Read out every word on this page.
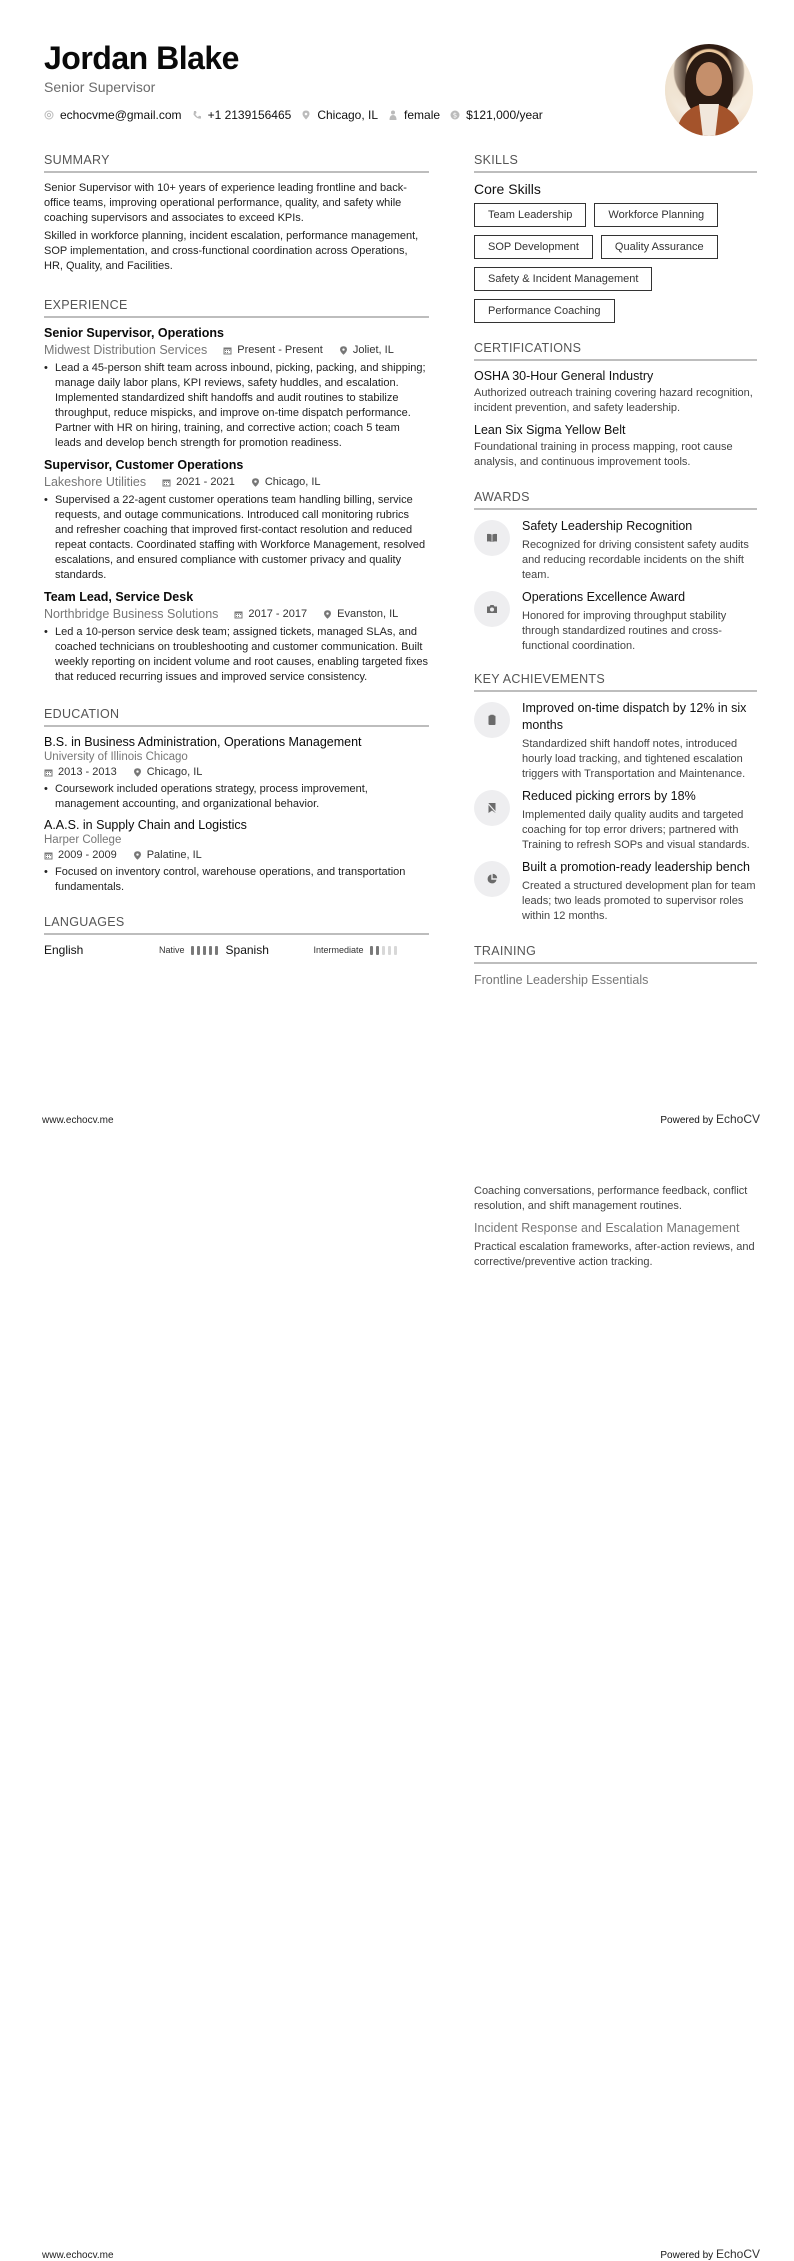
Jordan Blake
Senior Supervisor
echocvme@gmail.com +1 2139156465 Chicago, IL female $ $121,000/year
SUMMARY

Senior Supervisor with 10+ years of experience leading frontline and back-office teams, improving operational performance, quality, and safety while coaching supervisors and associates to exceed KPIs.

Skilled in workforce planning, incident escalation, performance management, SOP implementation, and cross-functional coordination across Operations, HR, Quality, and Facilities.

EXPERIENCE
Senior Supervisor, Operations
Midwest Distribution Services	Present - Present	Joliet, IL
• Lead a 45-person shift team across inbound, picking, packing, and shipping; manage daily labor plans, KPI reviews, safety huddles, and escalation. Implemented standardized shift handoffs and audit routines to stabilize throughput, reduce mispicks, and improve on-time dispatch performance. Partner with HR on hiring, training, and corrective action; coach 5 team leads and develop bench strength for promotion readiness.
Supervisor, Customer Operations
Lakeshore Utilities	2021 - 2021	Chicago, IL
• Supervised a 22-agent customer operations team handling billing, service requests, and outage communications. Introduced call monitoring rubrics and refresher coaching that improved first-contact resolution and reduced repeat contacts. Coordinated staffing with Workforce Management, resolved escalations, and ensured compliance with customer privacy and quality standards.
Team Lead, Service Desk
Northbridge Business Solutions	2017 - 2017	Evanston, IL
• Led a 10-person service desk team; assigned tickets, managed SLAs, and coached technicians on troubleshooting and customer communication. Built weekly reporting on incident volume and root causes, enabling targeted fixes that reduced recurring issues and improved service consistency.
EDUCATION
B.S. in Business Administration, Operations Management
University of Illinois Chicago
2013 - 2013	Chicago, IL
• Coursework included operations strategy, process improvement, management accounting, and organizational behavior.
A.A.S. in Supply Chain and Logistics
Harper College
2009 - 2009	Palatine, IL
• Focused on inventory control, warehouse operations, and transportation fundamentals.
LANGUAGES
English	Native	Spanish	Intermediate
SKILLS
Core Skills
Team Leadership	Workforce Planning
SOP Development	Quality Assurance
Safety & Incident Management
Performance Coaching
CERTIFICATIONS
OSHA 30-Hour General Industry
Authorized outreach training covering hazard recognition, incident prevention, and safety leadership.
Lean Six Sigma Yellow Belt
Foundational training in process mapping, root cause analysis, and continuous improvement tools.
AWARDS
Safety Leadership Recognition
Recognized for driving consistent safety audits and reducing recordable incidents on the shift team.
Operations Excellence Award
Honored for improving throughput stability through standardized routines and cross-functional coordination.
KEY ACHIEVEMENTS
Improved on-time dispatch by 12% in six months
Standardized shift handoff notes, introduced hourly load tracking, and tightened escalation triggers with Transportation and Maintenance.
Reduced picking errors by 18%
Implemented daily quality audits and targeted coaching for top error drivers; partnered with Training to refresh SOPs and visual standards.
Built a promotion-ready leadership bench
Created a structured development plan for team leads; two leads promoted to supervisor roles within 12 months.
TRAINING
Frontline Leadership Essentials
www.echocv.me	Powered by EchoCV
Coaching conversations, performance feedback, conflict resolution, and shift management routines.
Incident Response and Escalation Management
Practical escalation frameworks, after-action reviews, and corrective/preventive action tracking.
www.echocv.me	Powered by EchoCV
